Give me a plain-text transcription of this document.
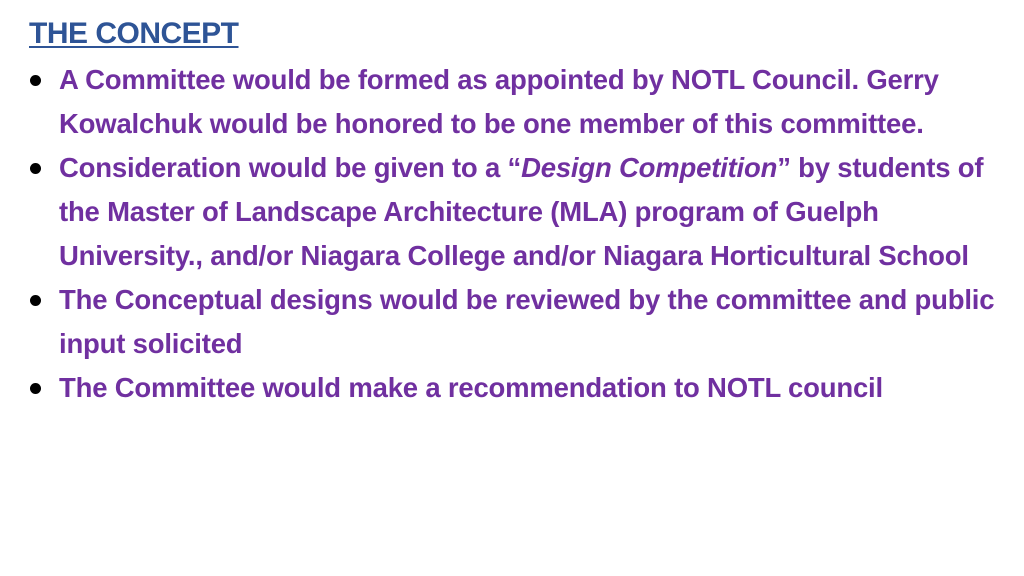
THE CONCEPT
A Committee would be formed as appointed by NOTL Council. Gerry Kowalchuk would be honored to be one member of this committee.
Consideration would be given to a “Design Competition” by students of the Master of Landscape Architecture (MLA) program of Guelph University., and/or Niagara College and/or Niagara Horticultural School
The Conceptual designs would be reviewed by the committee and public input solicited
The Committee would make a recommendation to NOTL council
